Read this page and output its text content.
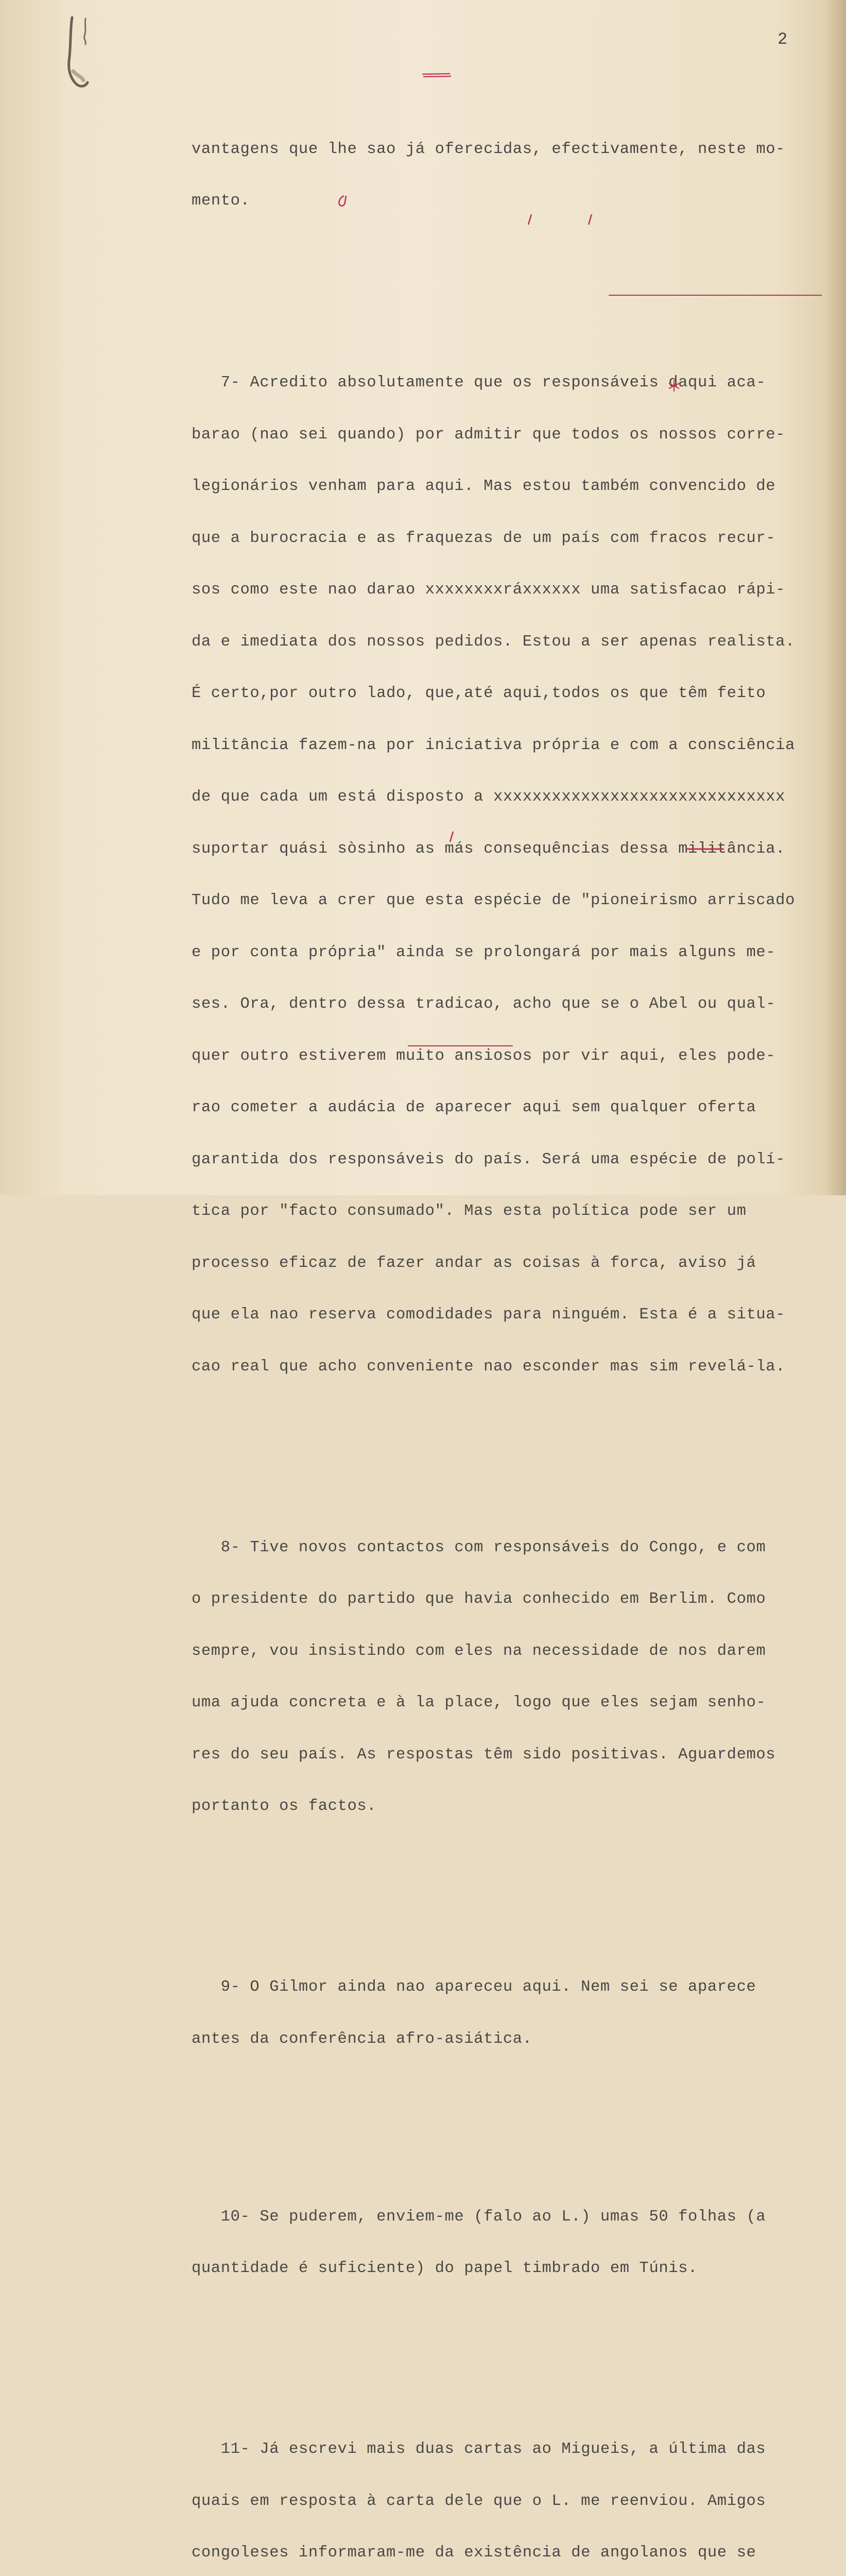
2

vantagens que lhe sao já oferecidas, efectivamente, neste mo-

mento.

7- Acredito absolutamente que os responsáveis daqui aca-

barao (nao sei quando) por admitir que todos os nossos corre-

legionários venham para aqui. Mas estou também convencido de

que a burocracia e as fraquezas de um país com fracos recur-

sos como este nao darao xxxxxxxxráxxxxxx uma satisfacao rápi-

da e imediata dos nossos pedidos. Estou a ser apenas realista.

É certo,por outro lado, que,até aqui,todos os que têm feito

militância fazem-na por iniciativa própria e com a consciência

de que cada um está disposto a xxxxxxxxxxxxxxxxxxxxxxxxxxxxxx

suportar quási sòsinho as más consequências dessa militância.

Tudo me leva a crer que esta espécie de "pioneirismo arriscado

e por conta própria" ainda se prolongará por mais alguns me-

ses. Ora, dentro dessa tradicao, acho que se o Abel ou qual-

quer outro estiverem muito ansiosos por vir aqui, eles pode-

rao cometer a audácia de aparecer aqui sem qualquer oferta

garantida dos responsáveis do país. Será uma espécie de polí-

tica por "facto consumado". Mas esta política pode ser um

processo eficaz de fazer andar as coisas à forca, aviso já

que ela nao reserva comodidades para ninguém. Esta é a situa-

cao real que acho conveniente nao esconder mas sim revelá-la.

8- Tive novos contactos com responsáveis do Congo, e com

o presidente do partido que havia conhecido em Berlim. Como

sempre, vou insistindo com eles na necessidade de nos darem

uma ajuda concreta e à la place, logo que eles sejam senho-

res do seu país. As respostas têm sido positivas. Aguardemos

portanto os factos.

9- O Gilmor ainda nao apareceu aqui. Nem sei se aparece

antes da conferência afro-asiática.

10- Se puderem, enviem-me (falo ao L.) umas 50 folhas (a

quantidade é suficiente) do papel timbrado em Túnis.

11- Já escrevi mais duas cartas ao Migueis, a última das

quais em resposta à carta dele que o L. me reenviou. Amigos

congoleses informaram-me da existência de angolanos que se
